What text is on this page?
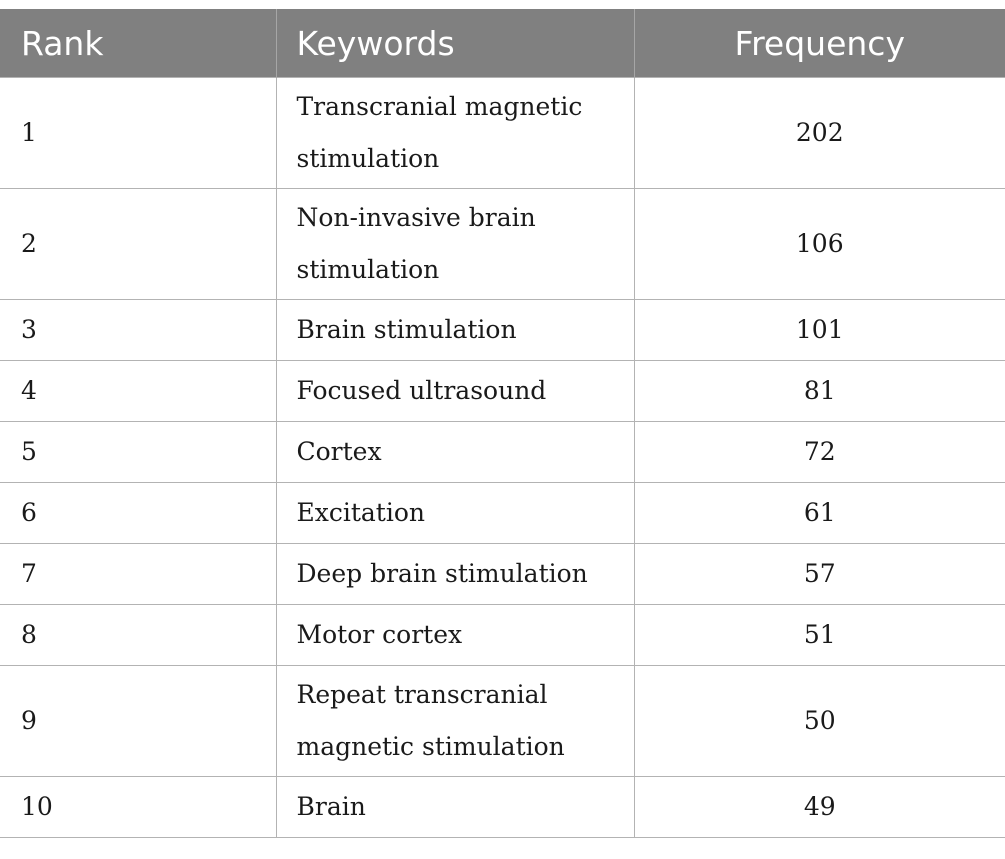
Rank	Keywords	Frequency
1	Transcranial magnetic stimulation	202
2	Non-invasive brain stimulation	106
3	Brain stimulation	101
4	Focused ultrasound	81
5	Cortex	72
6	Excitation	61
7	Deep brain stimulation	57
8	Motor cortex	51
9	Repeat transcranial magnetic stimulation	50
10	Brain	49
